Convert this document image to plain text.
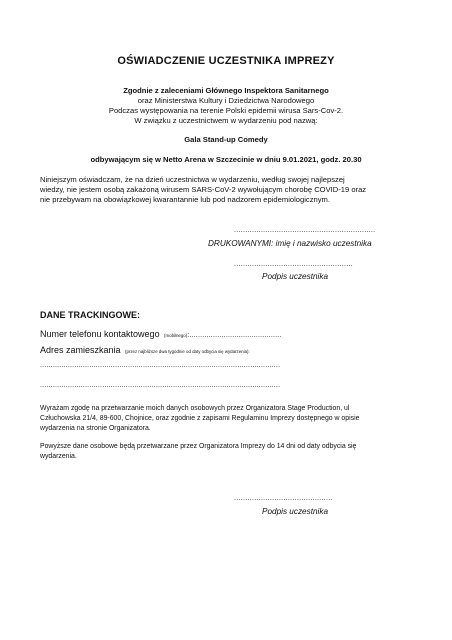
OŚWIADCZENIE UCZESTNIKA IMPREZY
Zgodnie z zaleceniami Głównego Inspektora Sanitarnego
oraz Ministerstwa Kultury i Dziedzictwa Narodowego
Podczas występowania na terenie Polski epidemii wirusa Sars-Cov-2.
W związku z uczestnictwem w wydarzeniu pod nazwą:
Gala Stand-up Comedy
odbywającym się w Netto Arena w Szczecinie w dniu 9.01.2021, godz. 20.30
Niniejszym oświadczam, że na dzień uczestnictwa w wydarzeniu, według swojej najlepszej
wiedzy, nie jestem osobą zakażoną wirusem SARS-CoV-2 wywołującym chorobę COVID-19 oraz
nie przebywam na obowiązkowej kwarantannie lub pod nadzorem epidemiologicznym.
...............................................................
DRUKOWANYMI: imię i nazwisko uczestnika
.....................................................
Podpis uczestnika
DANE TRACKINGOWE:
Numer telefonu kontaktowego (mobilnego):...........................................
Adres zamieszkania (przez najbliższe dwa tygodnie od daty odbycia się wydarzenia):
................................................................................................................
................................................................................................................
Wyrażam zgodę na przetwarzanie moich danych osobowych przez Organizatora Stage Production, ul
Człuchowska 21/4, 89-600, Chojnice, oraz zgodnie z zapisami Regulaminu Imprezy dostępnego w opisie
wydarzenia na stronie Organizatora.
Powyższe dane osobowe będą przetwarzane przez Organizatora Imprezy do 14 dni od daty odbycia się
wydarzenia.
............................................
Podpis uczestnika
